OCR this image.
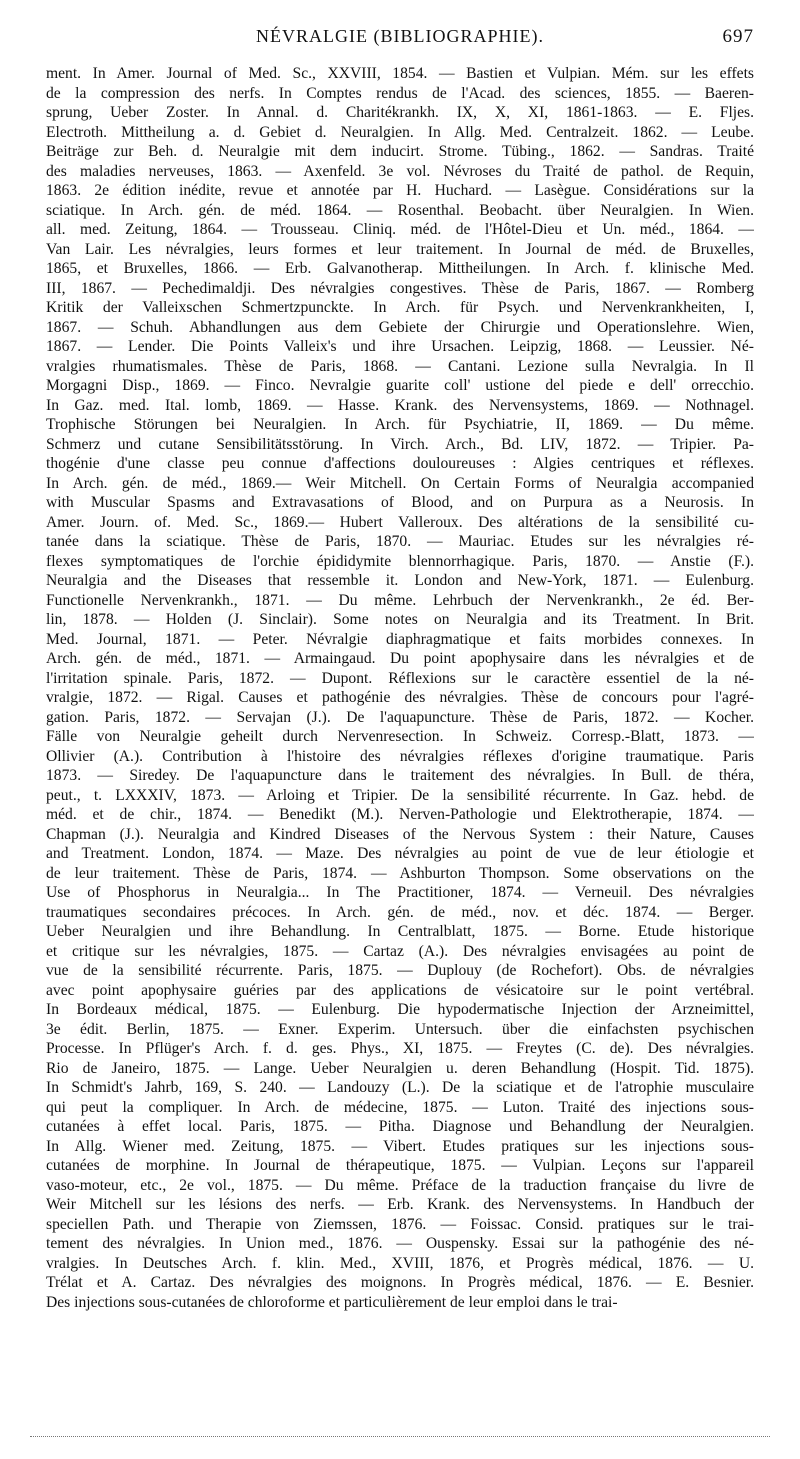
NÉVRALGIE (BIBLIOGRAPHIE).	697
ment. In Amer. Journal of Med. Sc., XXVIII, 1854. — Bastien et Vulpian. Mém. sur les effets
de la compression des nerfs. In Comptes rendus de l'Acad. des sciences, 1855. — Baeren-
sprung, Ueber Zoster. In Annal. d. Charitékrankh. IX, X, XI, 1861-1863. — E. Fljes.
Electroth. Mittheilung a. d. Gebiet d. Neuralgien. In Allg. Med. Centralzeit. 1862. — Leube.
Beiträge zur Beh. d. Neuralgie mit dem inducirt. Strome. Tübing., 1862. — Sandras. Traité
des maladies nerveuses, 1863. — Axenfeld. 3e vol. Névroses du Traité de pathol. de Requin,
1863. 2e édition inédite, revue et annotée par H. Huchard. — Lasègue. Considérations sur la
sciatique. In Arch. gén. de méd. 1864. — Rosenthal. Beobacht. über Neuralgien. In Wien.
all. med. Zeitung, 1864. — Trousseau. Cliniq. méd. de l'Hôtel-Dieu et Un. méd., 1864. —
Van Lair. Les névralgies, leurs formes et leur traitement. In Journal de méd. de Bruxelles,
1865, et Bruxelles, 1866. — Erb. Galvanotherap. Mittheilungen. In Arch. f. klinische Med.
III, 1867. — Pechedimaldji. Des névralgies congestives. Thèse de Paris, 1867. — Romberg
Kritik der Valleixschen Schmertzpunckte. In Arch. für Psych. und Nervenkrankheiten, I,
1867. — Schuh. Abhandlungen aus dem Gebiete der Chirurgie und Operationslehre. Wien,
1867. — Lender. Die Points Valleix's und ihre Ursachen. Leipzig, 1868. — Leussier. Né-
vralgies rhumatismales. Thèse de Paris, 1868. — Cantani. Lezione sulla Nevralgia. In Il
Morgagni Disp., 1869. — Finco. Nevralgie guarite coll' ustione del piede e dell' orrecchio.
In Gaz. med. Ital. lomb, 1869. — Hasse. Krank. des Nervensystems, 1869. — Nothnagel.
Trophische Störungen bei Neuralgien. In Arch. für Psychiatrie, II, 1869. — Du même.
Schmerz und cutane Sensibilitätsstörung. In Virch. Arch., Bd. LIV, 1872. — Tripier. Pa-
thogénie d'une classe peu connue d'affections douloureuses : Algies centriques et réflexes.
In Arch. gén. de méd., 1869.— Weir Mitchell. On Certain Forms of Neuralgia accompanied
with Muscular Spasms and Extravasations of Blood, and on Purpura as a Neurosis. In
Amer. Journ. of. Med. Sc., 1869.— Hubert Valleroux. Des altérations de la sensibilité cu-
tanée dans la sciatique. Thèse de Paris, 1870. — Mauriac. Etudes sur les névralgies ré-
flexes symptomatiques de l'orchie épididymite blennorrhagique. Paris, 1870. — Anstie (F.).
Neuralgia and the Diseases that ressemble it. London and New-York, 1871. — Eulenburg.
Functionelle Nervenkrankh., 1871. — Du même. Lehrbuch der Nervenkrankh., 2e éd. Ber-
lin, 1878. — Holden (J. Sinclair). Some notes on Neuralgia and its Treatment. In Brit.
Med. Journal, 1871. — Peter. Névralgie diaphragmatique et faits morbides connexes. In
Arch. gén. de méd., 1871. — Armaingaud. Du point apophysaire dans les névralgies et de
l'irritation spinale. Paris, 1872. — Dupont. Réflexions sur le caractère essentiel de la né-
vralgie, 1872. — Rigal. Causes et pathogénie des névralgies. Thèse de concours pour l'agré-
gation. Paris, 1872. — Servajan (J.). De l'aquapuncture. Thèse de Paris, 1872. — Kocher.
Fälle von Neuralgie geheilt durch Nervenresection. In Schweiz. Corresp.-Blatt, 1873. —
Ollivier (A.). Contribution à l'histoire des névralgies réflexes d'origine traumatique. Paris
1873. — Siredey. De l'aquapuncture dans le traitement des névralgies. In Bull. de théra,
peut., t. LXXXIV, 1873. — Arloing et Tripier. De la sensibilité récurrente. In Gaz. hebd. de
méd. et de chir., 1874. — Benedikt (M.). Nerven-Pathologie und Elektrotherapie, 1874. —
Chapman (J.). Neuralgia and Kindred Diseases of the Nervous System : their Nature, Causes
and Treatment. London, 1874. — Maze. Des névralgies au point de vue de leur étiologie et
de leur traitement. Thèse de Paris, 1874. — Ashburton Thompson. Some observations on the
Use of Phosphorus in Neuralgia... In The Practitioner, 1874. — Verneuil. Des névralgies
traumatiques secondaires précoces. In Arch. gén. de méd., nov. et déc. 1874. — Berger.
Ueber Neuralgien und ihre Behandlung. In Centralblatt, 1875. — Borne. Etude historique
et critique sur les névralgies, 1875. — Cartaz (A.). Des névralgies envisagées au point de
vue de la sensibilité récurrente. Paris, 1875. — Duplouy (de Rochefort). Obs. de névralgies
avec point apophysaire guéries par des applications de vésicatoire sur le point vertébral.
In Bordeaux médical, 1875. — Eulenburg. Die hypodermatische Injection der Arzneimittel,
3e édit. Berlin, 1875. — Exner. Experim. Untersuch. über die einfachsten psychischen
Processe. In Pflüger's Arch. f. d. ges. Phys., XI, 1875. — Freytes (C. de). Des névralgies.
Rio de Janeiro, 1875. — Lange. Ueber Neuralgien u. deren Behandlung (Hospit. Tid. 1875).
In Schmidt's Jahrb, 169, S. 240. — Landouzy (L.). De la sciatique et de l'atrophie musculaire
qui peut la compliquer. In Arch. de médecine, 1875. — Luton. Traité des injections sous-
cutanées à effet local. Paris, 1875. — Pitha. Diagnose und Behandlung der Neuralgien.
In Allg. Wiener med. Zeitung, 1875. — Vibert. Etudes pratiques sur les injections sous-
cutanées de morphine. In Journal de thérapeutique, 1875. — Vulpian. Leçons sur l'appareil
vaso-moteur, etc., 2e vol., 1875. — Du même. Préface de la traduction française du livre de
Weir Mitchell sur les lésions des nerfs. — Erb. Krank. des Nervensystems. In Handbuch der
speciellen Path. und Therapie von Ziemssen, 1876. — Foissac. Consid. pratiques sur le trai-
tement des névralgies. In Union med., 1876. — Ouspensky. Essai sur la pathogénie des né-
vralgies. In Deutsches Arch. f. klin. Med., XVIII, 1876, et Progrès médical, 1876. — U.
Trélat et A. Cartaz. Des névralgies des moignons. In Progrès médical, 1876. — E. Besnier.
Des injections sous-cutanées de chloroforme et particulièrement de leur emploi dans le trai-
